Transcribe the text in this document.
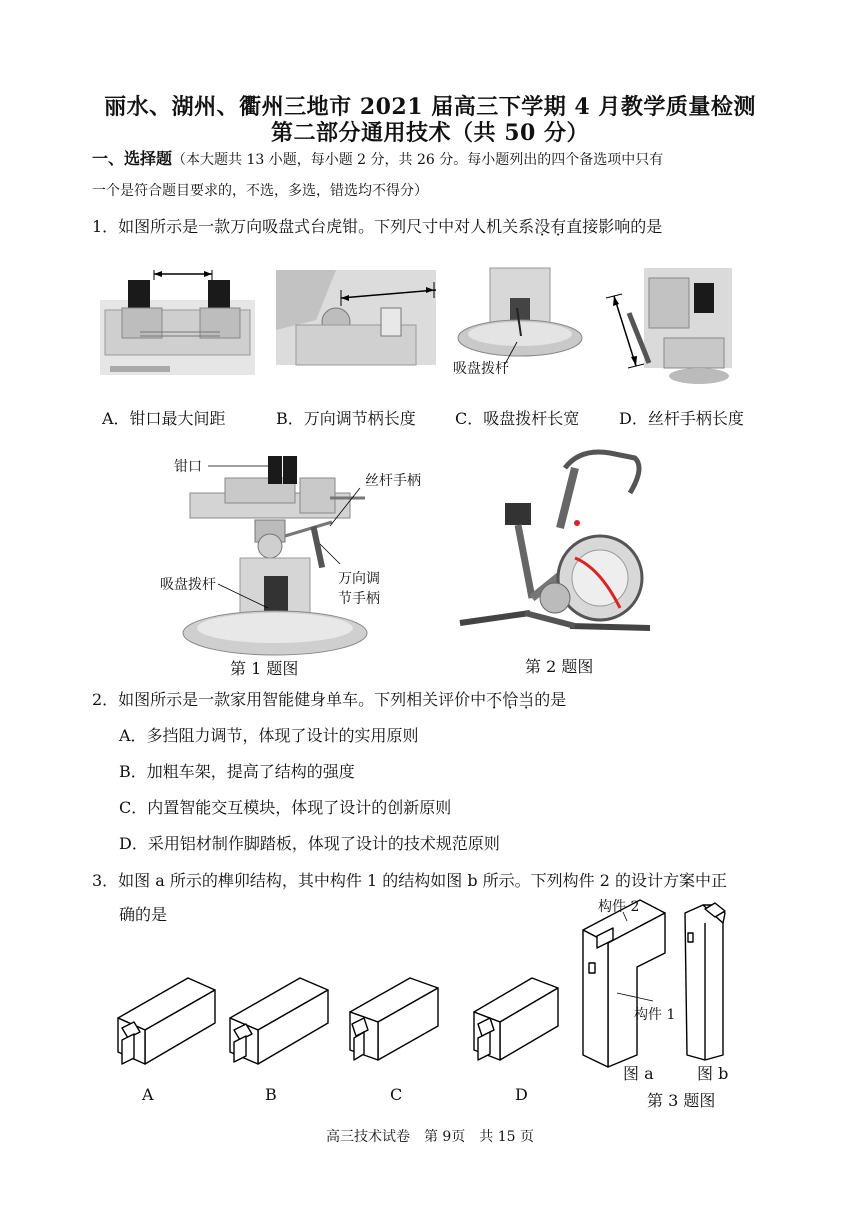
丽水、湖州、衢州三地市 2021 届高三下学期 4 月教学质量检测
第二部分通用技术（共 50 分）
一、选择题（本大题共 13 小题，每小题 2 分，共 26 分。每小题列出的四个备选项中只有
一个是符合题目要求的，不选，多选，错选均不得分）
1．如图所示是一款万向吸盘式台虎钳。下列尺寸中对人机关系没有直接影响的是
吸盘拨杆
A．钳口最大间距	B．万向调节柄长度 C．吸盘拨杆长宽 D．丝杆手柄长度
钳口
丝杆手柄
万向调
节手柄
吸盘拨杆
第 1 题图	第 2 题图
2．如图所示是一款家用智能健身单车。下列相关评价中不恰当的是
A．多挡阻力调节，体现了设计的实用原则
B．加粗车架，提高了结构的强度
C．内置智能交互模块，体现了设计的创新原则
D．采用铝材制作脚踏板，体现了设计的技术规范原则
3．如图 a 所示的榫卯结构，其中构件 1 的结构如图 b 所示。下列构件 2 的设计方案中正
确的是
A	B	C	D
构件 2
构件 1
图 a	图 b
第 3 题图
高三技术试卷　第 9页　共 15 页
